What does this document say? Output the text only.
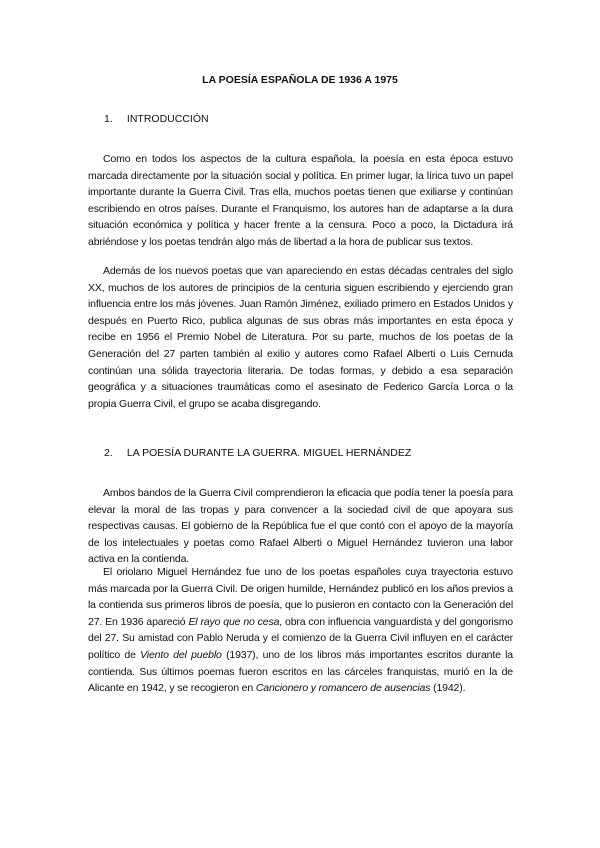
LA POESÍA ESPAÑOLA DE 1936 A 1975
1. INTRODUCCIÓN

Como en todos los aspectos de la cultura española, la poesía en esta época estuvo marcada directamente por la situación social y política. En primer lugar, la lírica tuvo un papel importante durante la Guerra Civil. Tras ella, muchos poetas tienen que exiliarse y continúan escribiendo en otros países. Durante el Franquismo, los autores han de adaptarse a la dura situación económica y política y hacer frente a la censura. Poco a poco, la Dictadura irá abriéndose y los poetas tendrán algo más de libertad a la hora de publicar sus textos.

Además de los nuevos poetas que van apareciendo en estas décadas centrales del siglo XX, muchos de los autores de principios de la centuria siguen escribiendo y ejerciendo gran influencia entre los más jóvenes. Juan Ramón Jiménez, exiliado primero en Estados Unidos y después en Puerto Rico, publica algunas de sus obras más importantes en esta época y recibe en 1956 el Premio Nobel de Literatura. Por su parte, muchos de los poetas de la Generación del 27 parten también al exilio y autores como Rafael Alberti o Luis Cernuda continúan una sólida trayectoria literaria. De todas formas, y debido a esa separación geográfica y a situaciones traumáticas como el asesinato de Federico García Lorca o la propia Guerra Civil, el grupo se acaba disgregando.

2. LA POESÍA DURANTE LA GUERRA. MIGUEL HERNÁNDEZ

Ambos bandos de la Guerra Civil comprendieron la eficacia que podía tener la poesía para elevar la moral de las tropas y para convencer a la sociedad civil de que apoyara sus respectivas causas. El gobierno de la República fue el que contó con el apoyo de la mayoría de los intelectuales y poetas como Rafael Alberti o Miguel Hernández tuvieron una labor activa en la contienda.

El oriolano Miguel Hernández fue uno de los poetas españoles cuya trayectoria estuvo más marcada por la Guerra Civil. De origen humilde, Hernández publicó en los años previos a la contienda sus primeros libros de poesía, que lo pusieron en contacto con la Generación del 27. En 1936 apareció El rayo que no cesa, obra con influencia vanguardista y del gongorismo del 27. Su amistad con Pablo Neruda y el comienzo de la Guerra Civil influyen en el carácter político de Viento del pueblo (1937), uno de los libros más importantes escritos durante la contienda. Sus últimos poemas fueron escritos en las cárceles franquistas, murió en la de Alicante en 1942, y se recogieron en Cancionero y romancero de ausencias (1942).
